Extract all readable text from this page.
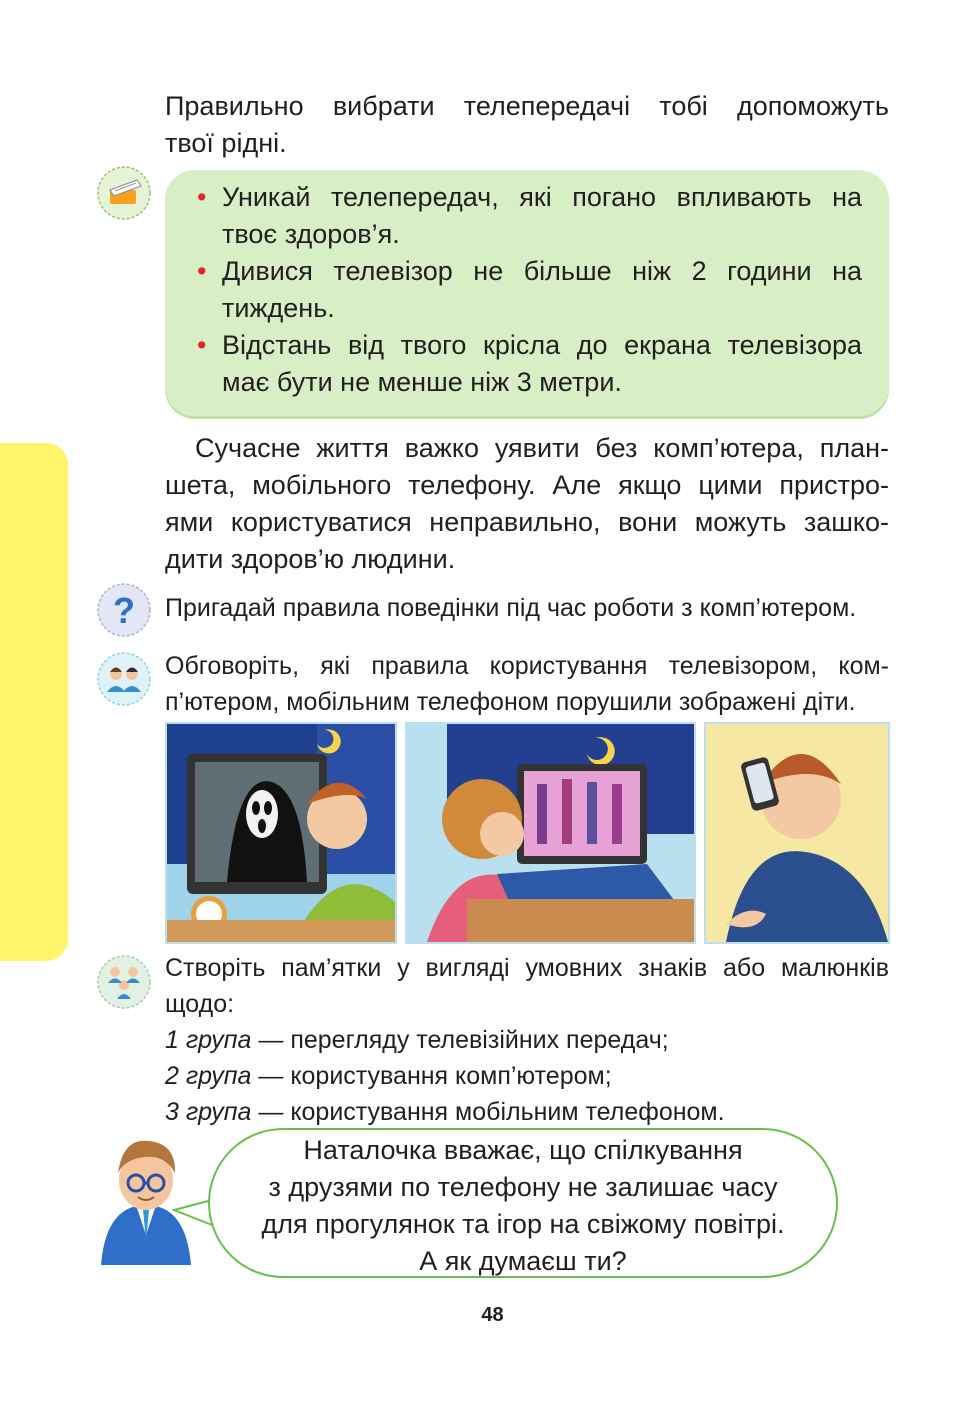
Правильно вибрати телепередачі тобі допоможуть
твої рідні.
• Уникай телепередач, які погано впливають на
твоє здоров’я.
• Дивися телевізор не більше ніж 2 години на
тиждень.
• Відстань від твого крісла до екрана телевізора
має бути не менше ніж 3 метри.
Сучасне життя важко уявити без комп’ютера, план-
шета, мобільного телефону. Але якщо цими пристро-
ями користуватися неправильно, вони можуть зашко-
дити здоров’ю людини.
? Пригадай правила поведінки під час роботи з комп’ютером.
Обговоріть, які правила користування телевізором, ком-
п’ютером, мобільним телефоном порушили зображені діти.
Створіть пам’ятки у вигляді умовних знаків або малюнків
щодо:
1 група — перегляду телевізійних передач;
2 група — користування комп’ютером;
3 група — користування мобільним телефоном.
Наталочка вважає, що спілкування
з друзями по телефону не залишає часу
для прогулянок та ігор на свіжому повітрі.
А як думаєш ти?
48
